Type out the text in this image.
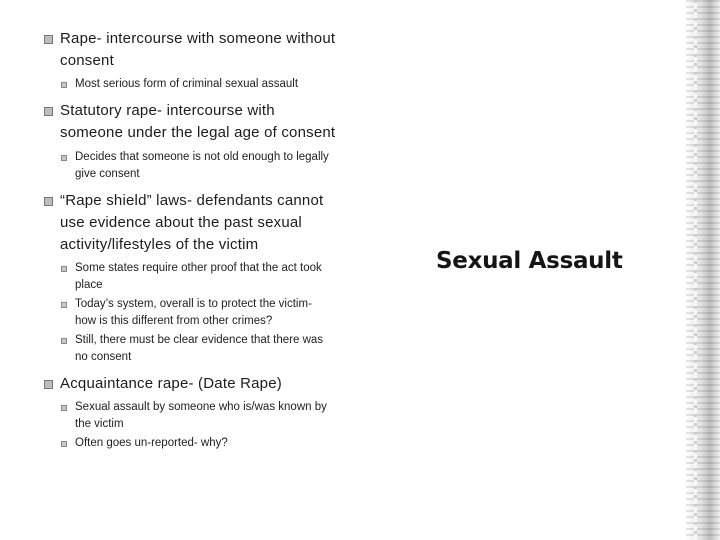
Rape- intercourse with someone without consent
Most serious form of criminal sexual assault
Statutory rape- intercourse with someone under the legal age of consent
Decides that someone is not old enough to legally give consent
“Rape shield” laws- defendants cannot use evidence about the past sexual activity/lifestyles of the victim
Some states require other proof that the act took place
Today’s system, overall is to protect the victim- how is this different from other crimes?
Still, there must be clear evidence that there was no consent
Acquaintance rape- (Date Rape)
Sexual assault by someone who is/was known by the victim
Often goes un-reported- why?
Sexual Assault
